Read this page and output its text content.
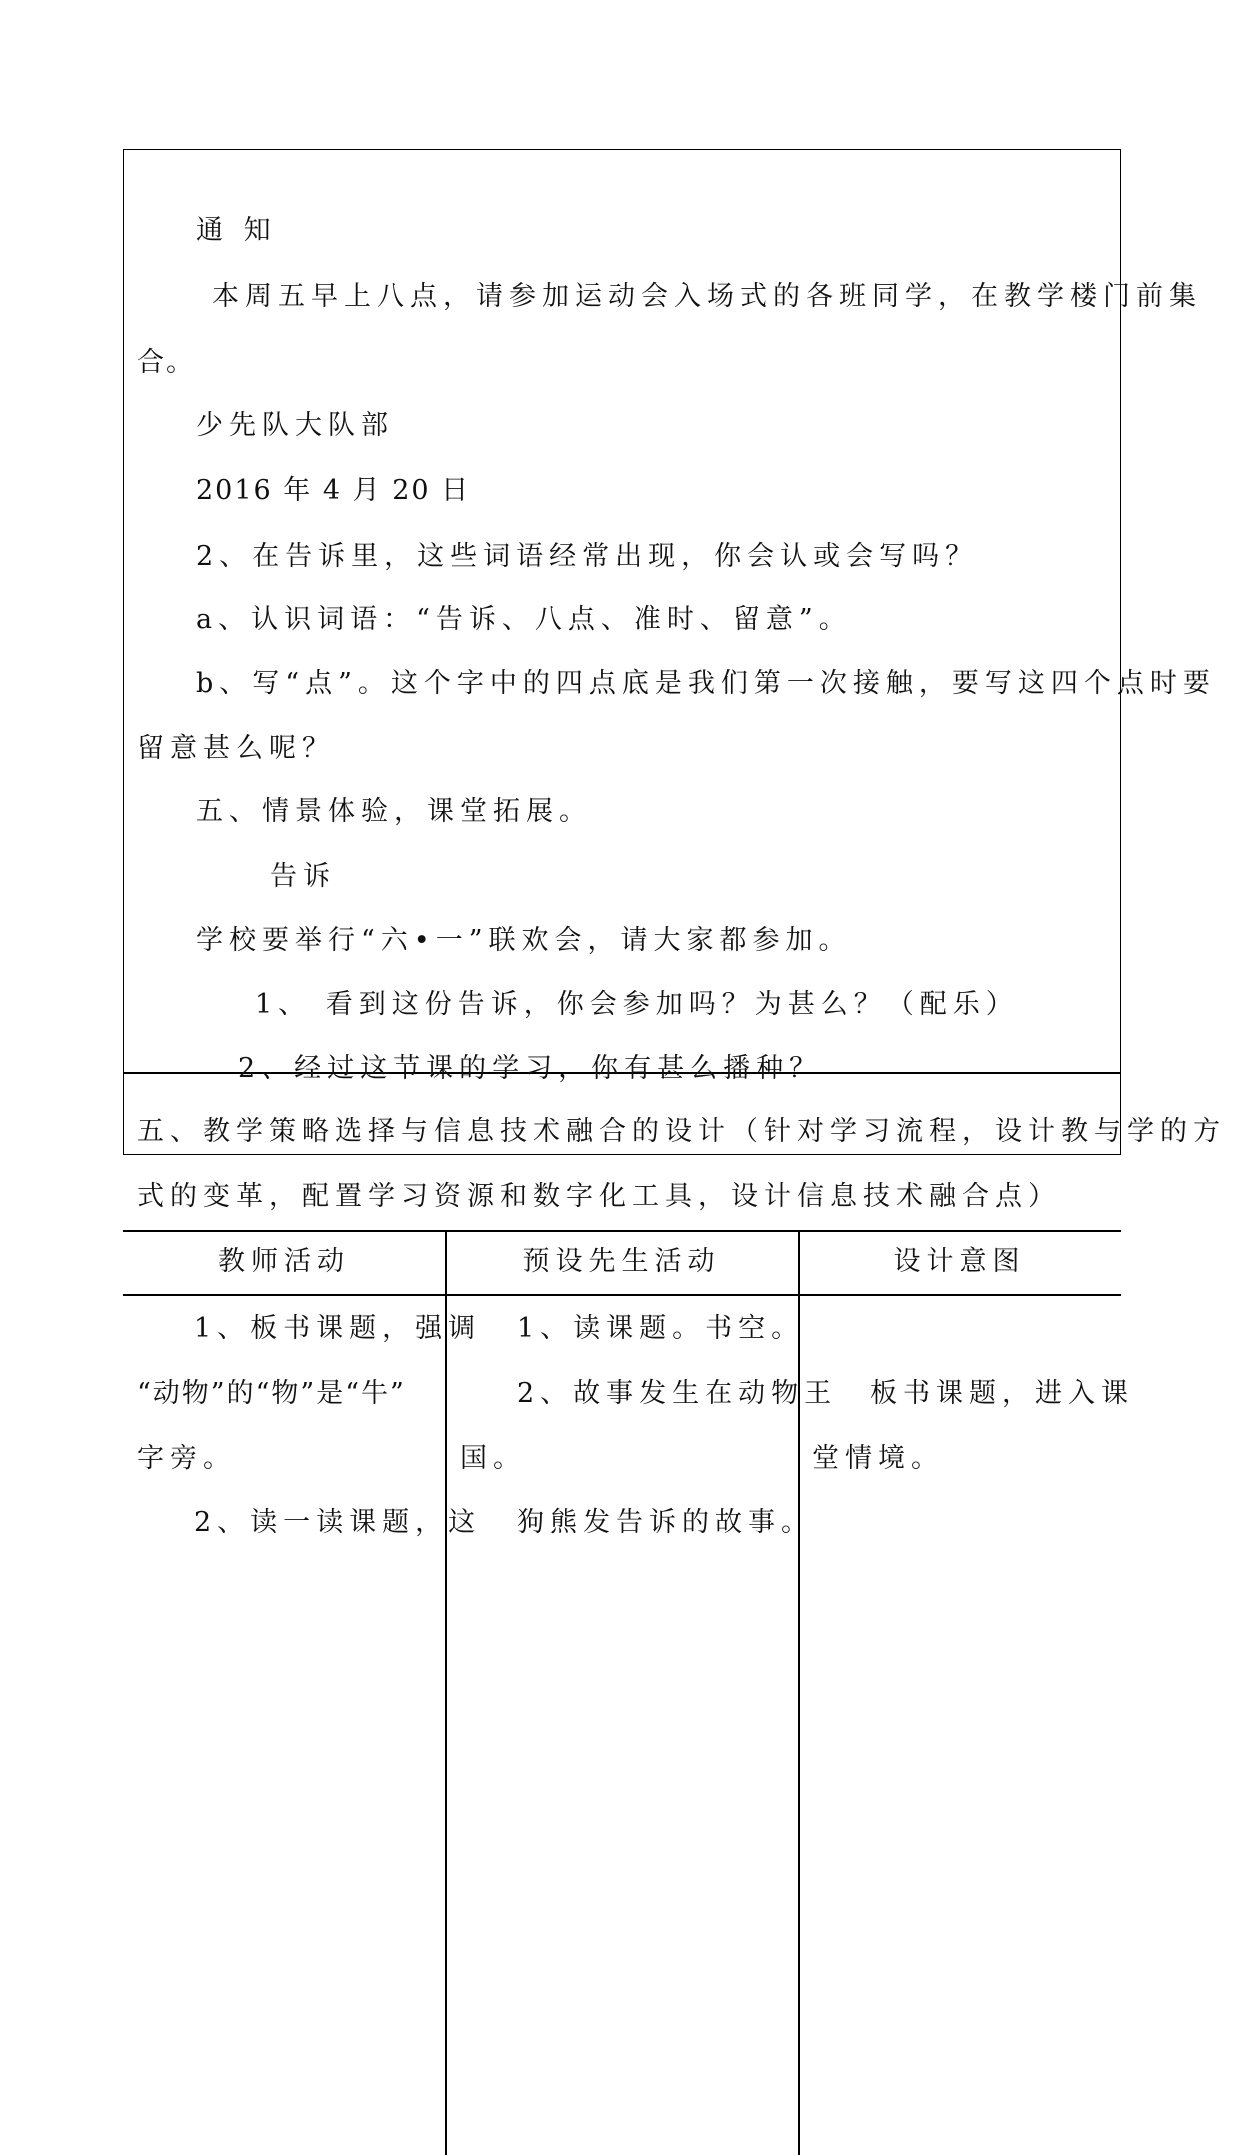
通 知
本周五早上八点，请参加运动会入场式的各班同学，在教学楼门前集
合。
少先队大队部
2016 年 4 月 20 日
2、在告诉里，这些词语经常出现，你会认或会写吗？
a、认识词语：“告诉、八点、准时、留意”。
b、写“点”。这个字中的四点底是我们第一次接触，要写这四个点时要
留意甚么呢？
五、情景体验，课堂拓展。
告诉
学校要举行“六•一”联欢会，请大家都参加。
1、 看到这份告诉，你会参加吗？为甚么？（配乐）
2、经过这节课的学习，你有甚么播种？
五、教学策略选择与信息技术融合的设计（针对学习流程，设计教与学的方
式的变革，配置学习资源和数字化工具，设计信息技术融合点）
教师活动	预设先生活动	设计意图
1、板书课题，强调
“动物”的“物”是“牛”
字旁。
2、读一读课题，这
1、读课题。书空。
2、故事发生在动物王
国。
狗熊发告诉的故事。
板书课题，进入课
堂情境。
